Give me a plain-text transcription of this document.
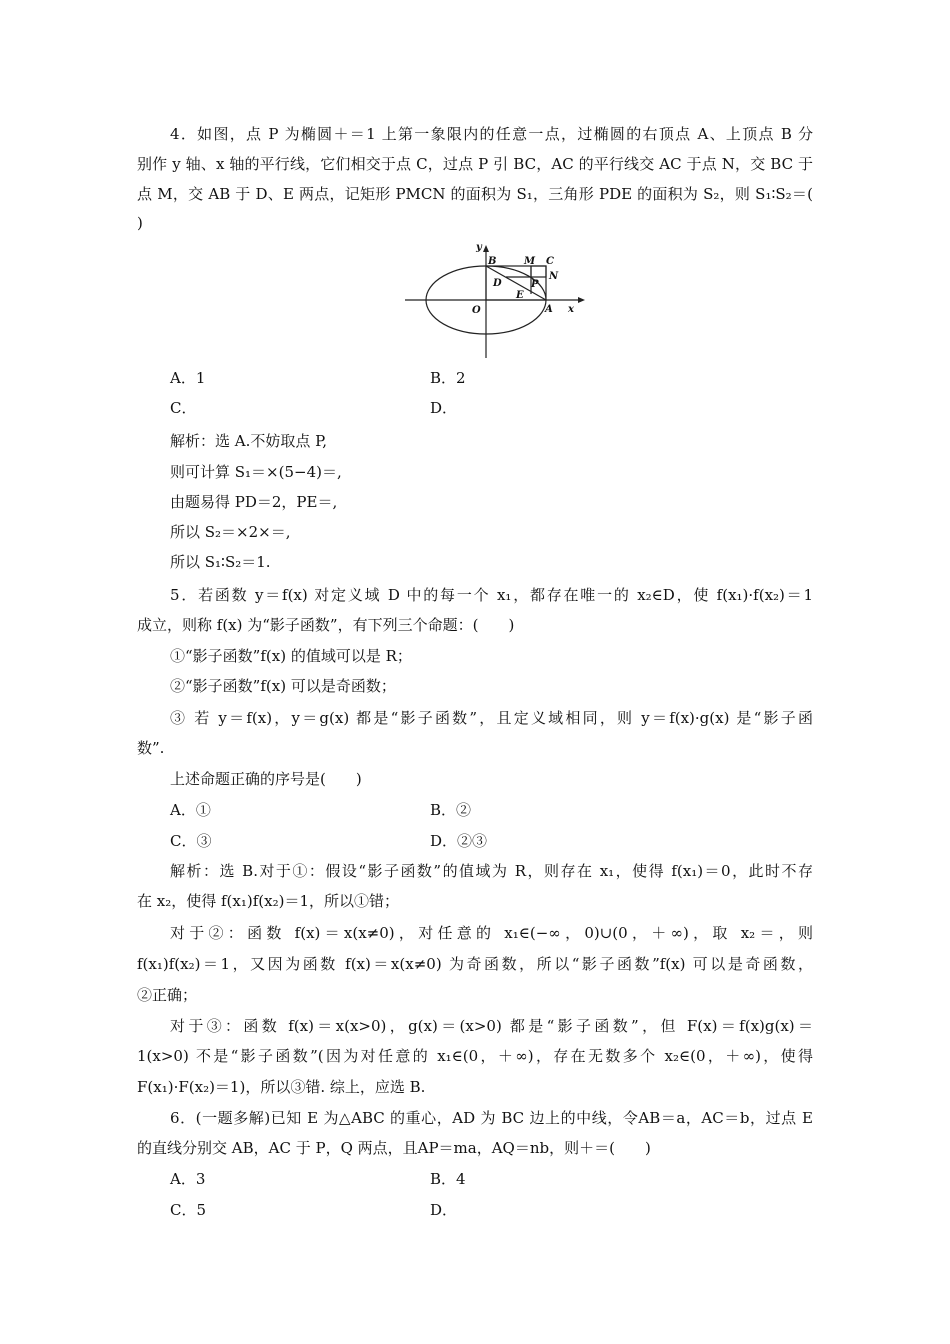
4．如图，点 P 为椭圆＋＝1 上第一象限内的任意一点，过椭圆的右顶点 A、上顶点 B 分
别作 y 轴、x 轴的平行线，它们相交于点 C，过点 P 引 BC，AC 的平行线交 AC 于点 N，交 BC 于
点 M，交 AB 于 D、E 两点，记矩形 PMCN 的面积为 S₁，三角形 PDE 的面积为 S₂，则 S₁∶S₂＝(
)
y
x
B	M C
N
D	P
E
O	A
A．1	B．2
C．	D．
解析：选 A.不妨取点 P,
则可计算 S₁＝×(5−4)＝,
由题易得 PD＝2，PE＝,
所以 S₂＝×2×＝,
所以 S₁∶S₂＝1.
5．若函数 y＝f(x) 对定义域 D 中的每一个 x₁，都存在唯一的 x₂∈D，使 f(x₁)·f(x₂)＝1
成立，则称 f(x) 为“影子函数”，有下列三个命题：(　　)
①“影子函数”f(x) 的值域可以是 R；
②“影子函数”f(x) 可以是奇函数；
③ 若 y＝f(x)，y＝g(x) 都是“影子函数”，且定义域相同，则 y＝f(x)·g(x) 是“影子函
数”.
上述命题正确的序号是(　　)
A．①	B．②
C．③	D．②③
解析：选 B.对于①：假设“影子函数”的值域为 R，则存在 x₁，使得 f(x₁)＝0，此时不存
在 x₂，使得 f(x₁)f(x₂)＝1，所以①错；
对于②：函数 f(x)＝x(x≠0)，对任意的 x₁∈(−∞，0)∪(0，＋∞)，取 x₂＝，则
f(x₁)f(x₂)＝1，又因为函数 f(x)＝x(x≠0) 为奇函数，所以“影子函数”f(x) 可以是奇函数，
②正确；
对于③：函数 f(x)＝x(x>0)，g(x)＝(x>0) 都是“影子函数”，但 F(x)＝f(x)g(x)＝
1(x>0) 不是“影子函数”(因为对任意的 x₁∈(0，＋∞)，存在无数多个 x₂∈(0，＋∞)，使得
F(x₁)·F(x₂)＝1)，所以③错. 综上，应选 B.
6．(一题多解)已知 E 为△ABC 的重心，AD 为 BC 边上的中线，令AB＝a，AC＝b，过点 E
的直线分别交 AB，AC 于 P，Q 两点，且AP＝ma，AQ＝nb，则＋＝(　　)
A．3	B．4
C．5	D．
